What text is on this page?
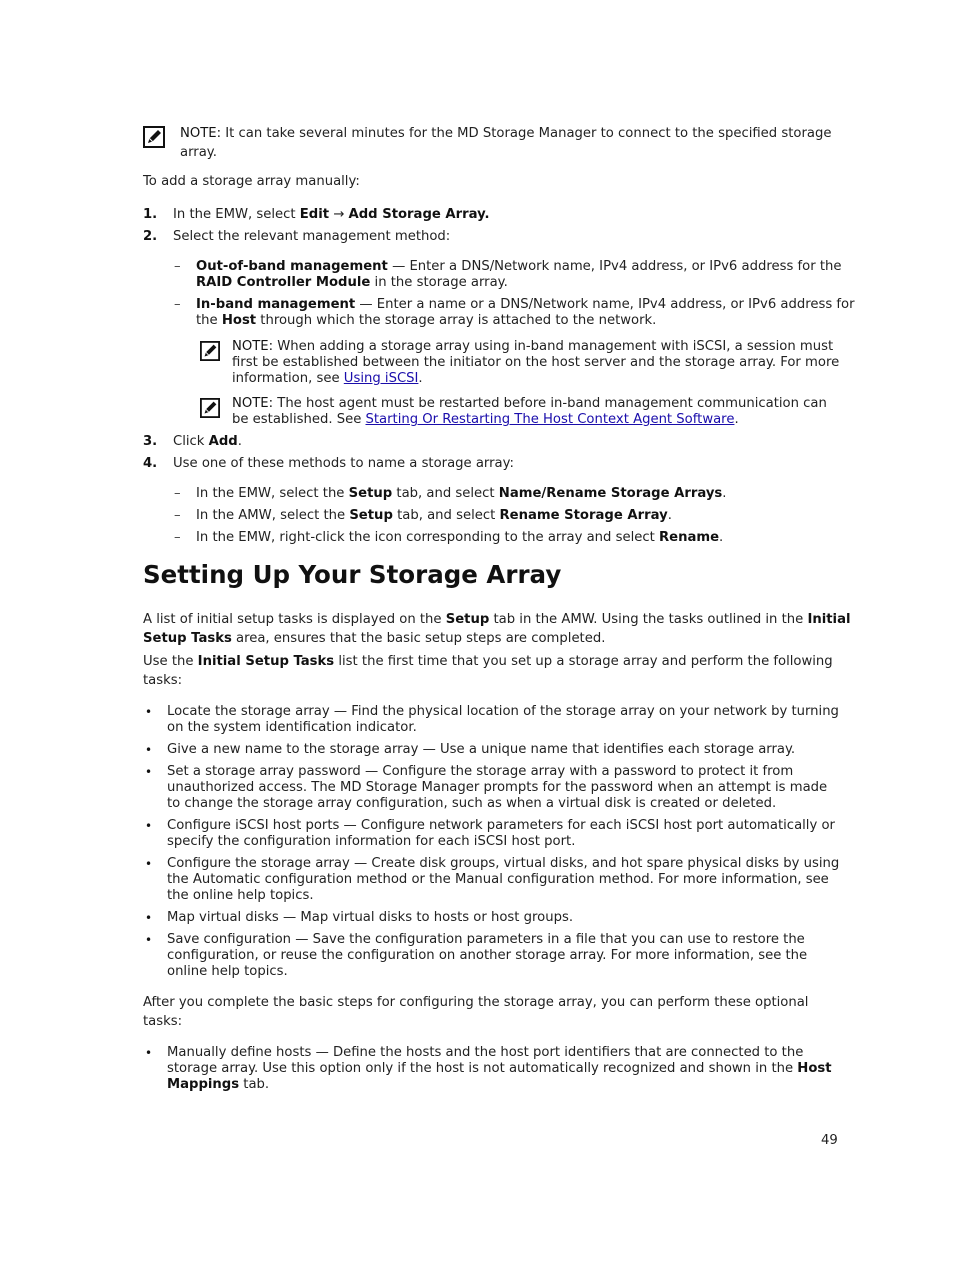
NOTE: It can take several minutes for the MD Storage Manager to connect to the specified storage
array.
To add a storage array manually:
1. In the EMW, select Edit → Add Storage Array.
2. Select the relevant management method:
– Out-of-band management — Enter a DNS/Network name, IPv4 address, or IPv6 address for the
RAID Controller Module in the storage array.
– In-band management — Enter a name or a DNS/Network name, IPv4 address, or IPv6 address for
the Host through which the storage array is attached to the network.
NOTE: When adding a storage array using in-band management with iSCSI, a session must
first be established between the initiator on the host server and the storage array. For more
information, see Using iSCSI.
NOTE: The host agent must be restarted before in-band management communication can
be established. See Starting Or Restarting The Host Context Agent Software.
3. Click Add.
4. Use one of these methods to name a storage array:
– In the EMW, select the Setup tab, and select Name/Rename Storage Arrays.
– In the AMW, select the Setup tab, and select Rename Storage Array.
– In the EMW, right-click the icon corresponding to the array and select Rename.
Setting Up Your Storage Array
A list of initial setup tasks is displayed on the Setup tab in the AMW. Using the tasks outlined in the Initial
Setup Tasks area, ensures that the basic setup steps are completed.
Use the Initial Setup Tasks list the first time that you set up a storage array and perform the following
tasks:
• Locate the storage array — Find the physical location of the storage array on your network by turning
on the system identification indicator.
• Give a new name to the storage array — Use a unique name that identifies each storage array.
• Set a storage array password — Configure the storage array with a password to protect it from
unauthorized access. The MD Storage Manager prompts for the password when an attempt is made
to change the storage array configuration, such as when a virtual disk is created or deleted.
• Configure iSCSI host ports — Configure network parameters for each iSCSI host port automatically or
specify the configuration information for each iSCSI host port.
• Configure the storage array — Create disk groups, virtual disks, and hot spare physical disks by using
the Automatic configuration method or the Manual configuration method. For more information, see
the online help topics.
• Map virtual disks — Map virtual disks to hosts or host groups.
• Save configuration — Save the configuration parameters in a file that you can use to restore the
configuration, or reuse the configuration on another storage array. For more information, see the
online help topics.
After you complete the basic steps for configuring the storage array, you can perform these optional
tasks:
• Manually define hosts — Define the hosts and the host port identifiers that are connected to the
storage array. Use this option only if the host is not automatically recognized and shown in the Host
Mappings tab.
49
